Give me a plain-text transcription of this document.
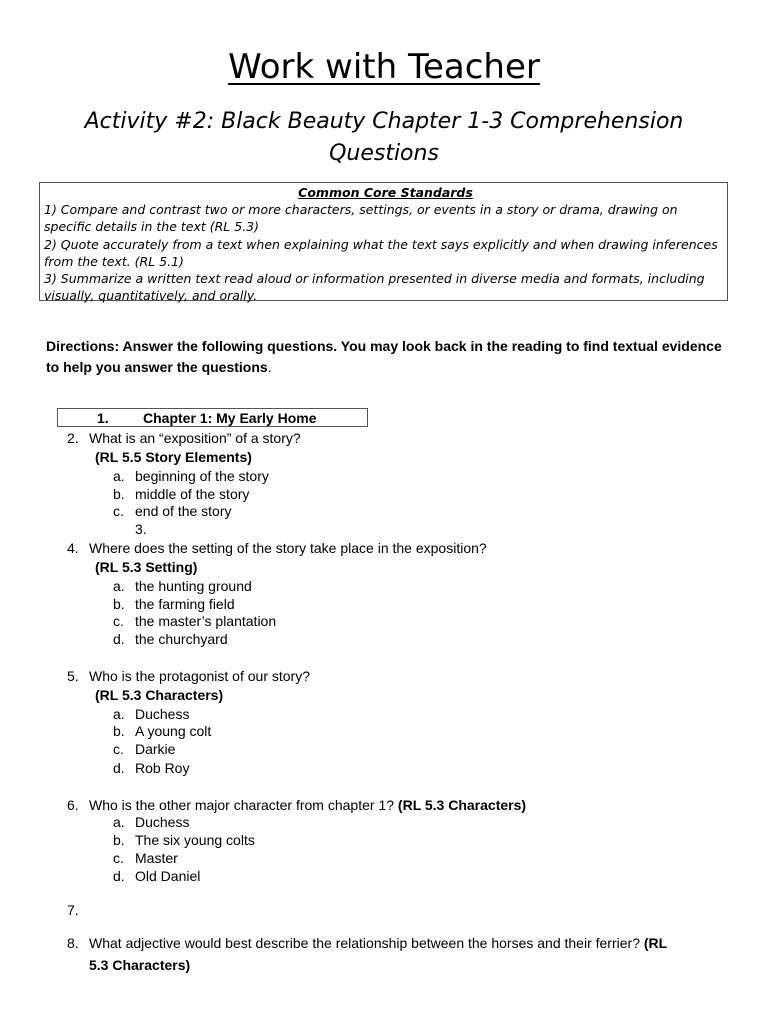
Work with Teacher
Activity #2: Black Beauty Chapter 1-3 Comprehension Questions
Common Core Standards
1) Compare and contrast two or more characters, settings, or events in a story or drama, drawing on specific details in the text (RL 5.3)
2) Quote accurately from a text when explaining what the text says explicitly and when drawing inferences from the text. (RL 5.1)
3) Summarize a written text read aloud or information presented in diverse media and formats, including visually, quantitatively, and orally.
Directions: Answer the following questions. You may look back in the reading to find textual evidence to help you answer the questions.
1. Chapter 1: My Early Home
2. What is an “exposition” of a story?
(RL 5.5 Story Elements)
a. beginning of the story
b. middle of the story
c. end of the story
3.
4. Where does the setting of the story take place in the exposition?
(RL 5.3 Setting)
a. the hunting ground
b. the farming field
c. the master’s plantation
d. the churchyard
5. Who is the protagonist of our story?
(RL 5.3 Characters)
a. Duchess
b. A young colt
c. Darkie
d. Rob Roy
6. Who is the other major character from chapter 1? (RL 5.3 Characters)
a. Duchess
b. The six young colts
c. Master
d. Old Daniel
7.
8. What adjective would best describe the relationship between the horses and their ferrier? (RL
5.3 Characters)
